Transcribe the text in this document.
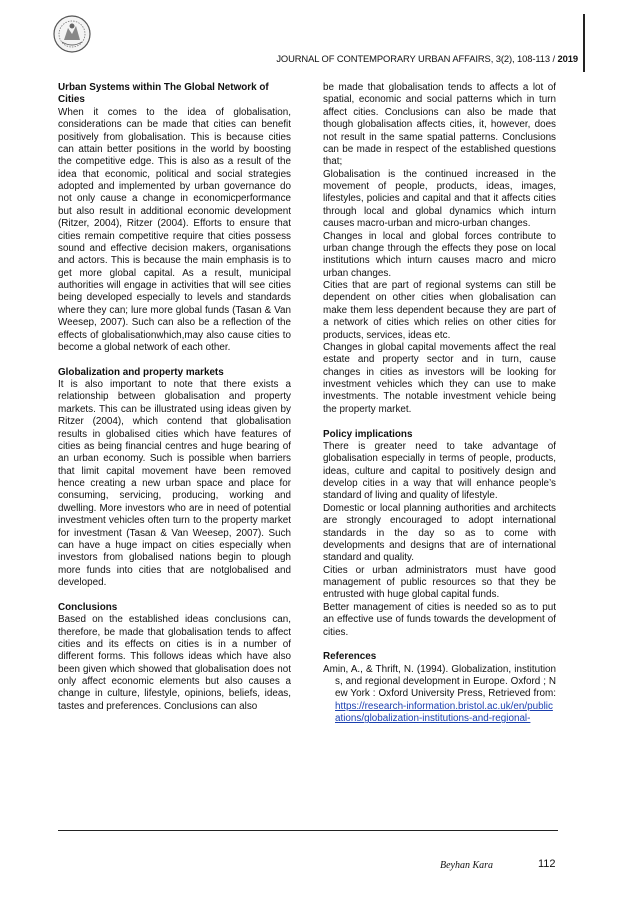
JOURNAL OF CONTEMPORARY URBAN AFFAIRS, 3(2), 108-113 / 2019
Urban Systems within The Global Network of Cities

When it comes to the idea of globalisation, considerations can be made that cities can benefit positively from globalisation. This is because cities can attain better positions in the world by boosting the competitive edge. This is also as a result of the idea that economic, political and social strategies adopted and implemented by urban governance do not only cause a change in economicperformance but also result in additional economic development (Ritzer, 2004), Ritzer (2004). Efforts to ensure that cities remain competitive require that cities possess sound and effective decision makers, organisations and actors. This is because the main emphasis is to get more global capital. As a result, municipal authorities will engage in activities that will see cities being developed especially to levels and standards where they can; lure more global funds (Tasan & Van Weesep, 2007). Such can also be a reflection of the effects of globalisationwhich,may also cause cities to become a global network of each other.

Globalization and property markets

It is also important to note that there exists a relationship between globalisation and property markets. This can be illustrated using ideas given by Ritzer (2004), which contend that globalisation results in globalised cities which have features of cities as being financial centres and huge bearing of an urban economy. Such is possible when barriers that limit capital movement have been removed hence creating a new urban space and place for consuming, servicing, producing, working and dwelling. More investors who are in need of potential investment vehicles often turn to the property market for investment (Tasan & Van Weesep, 2007). Such can have a huge impact on cities especially when investors from globalised nations begin to plough more funds into cities that are notglobalised and developed.

Conclusions

Based on the established ideas conclusions can, therefore, be made that globalisation tends to affect cities and its effects on cities is in a number of different forms. This follows ideas which have also been given which showed that globalisation does not only affect economic elements but also causes a change in culture, lifestyle, opinions, beliefs, ideas, tastes and preferences. Conclusions can also

be made that globalisation tends to affects a lot of spatial, economic and social patterns which in turn affect cities. Conclusions can also be made that though globalisation affects cities, it, however, does not result in the same spatial patterns. Conclusions can be made in respect of the established questions that;

Globalisation is the continued increased in the movement of people, products, ideas, images, lifestyles, policies and capital and that it affects cities through local and global dynamics which inturn causes macro-urban and micro-urban changes.

Changes in local and global forces contribute to urban change through the effects they pose on local institutions which inturn causes macro and micro urban changes.

Cities that are part of regional systems can still be dependent on other cities when globalisation can make them less dependent because they are part of a network of cities which relies on other cities for products, services, ideas etc.

Changes in global capital movements affect the real estate and property sector and in turn, cause changes in cities as investors will be looking for investment vehicles which they can use to make investments. The notable investment vehicle being the property market.

Policy implications

There is greater need to take advantage of globalisation especially in terms of people, products, ideas, culture and capital to positively design and develop cities in a way that will enhance people’s standard of living and quality of lifestyle.

Domestic or local planning authorities and architects are strongly encouraged to adopt international standards in the day so as to come with developments and designs that are of international standard and quality.

Cities or urban administrators must have good management of public resources so that they be entrusted with huge global capital funds.

Better management of cities is needed so as to put an effective use of funds towards the development of cities.

References

Amin, A., & Thrift, N. (1994). Globalization, institutions, and regional development in Europe. Oxford ; New York : Oxford University Press, Retrieved from: https://research-information.bristol.ac.uk/en/publications/globalization-institutions-and-regional-

Beyhan Kara	112
